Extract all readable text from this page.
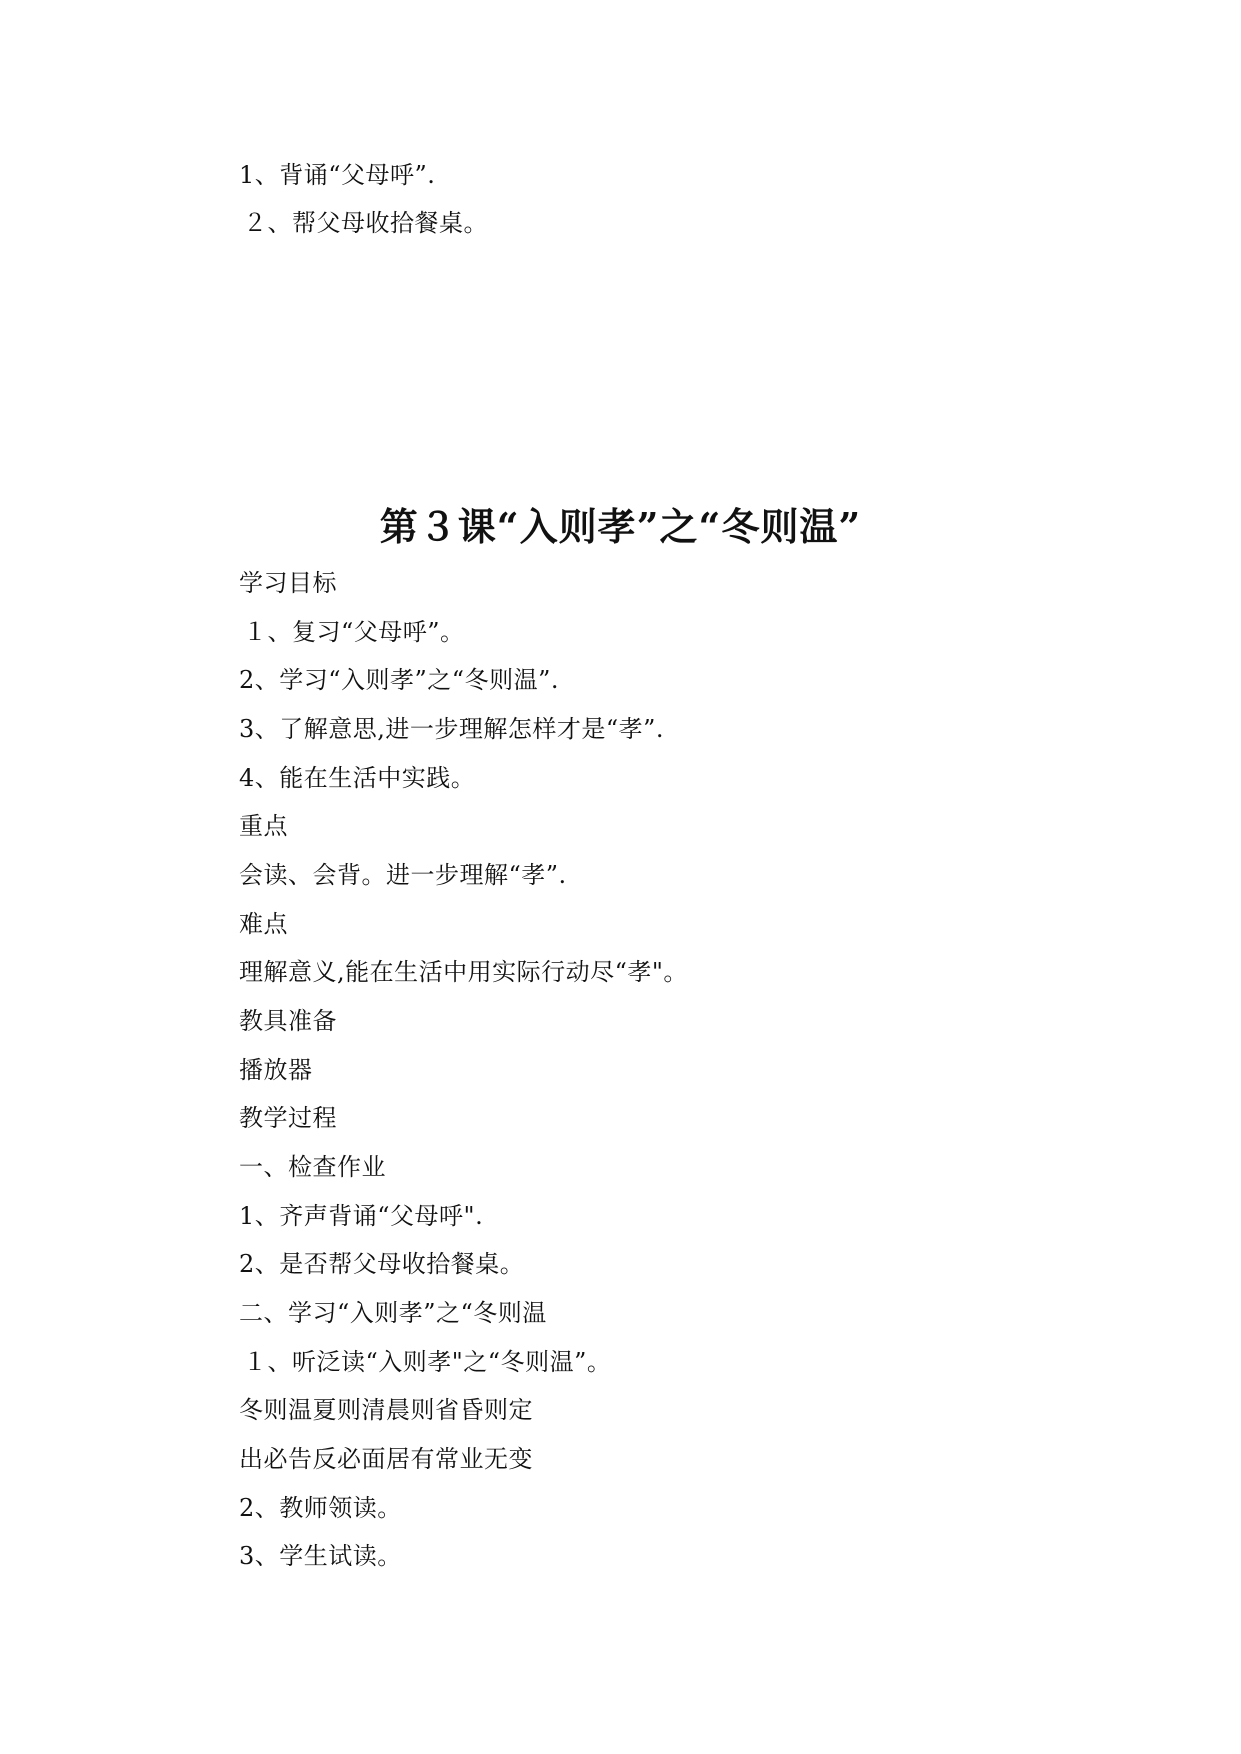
1、背诵“父母呼”.
２、帮父母收拾餐桌。
第３课“入则孝”之“冬则温”
学习目标
１、复习“父母呼”。
2、学习“入则孝”之“冬则温”.
3、了解意思,进一步理解怎样才是“孝”.
4、能在生活中实践。
重点
会读、会背。进一步理解“孝”.
难点
理解意义,能在生活中用实际行动尽“孝"。
教具准备
播放器
教学过程
一、检查作业
1、齐声背诵“父母呼".
2、是否帮父母收拾餐桌。
二、学习“入则孝”之“冬则温
１、听泛读“入则孝"之“冬则温”。
冬则温夏则清晨则省昏则定
出必告反必面居有常业无变
2、教师领读。
3、学生试读。
